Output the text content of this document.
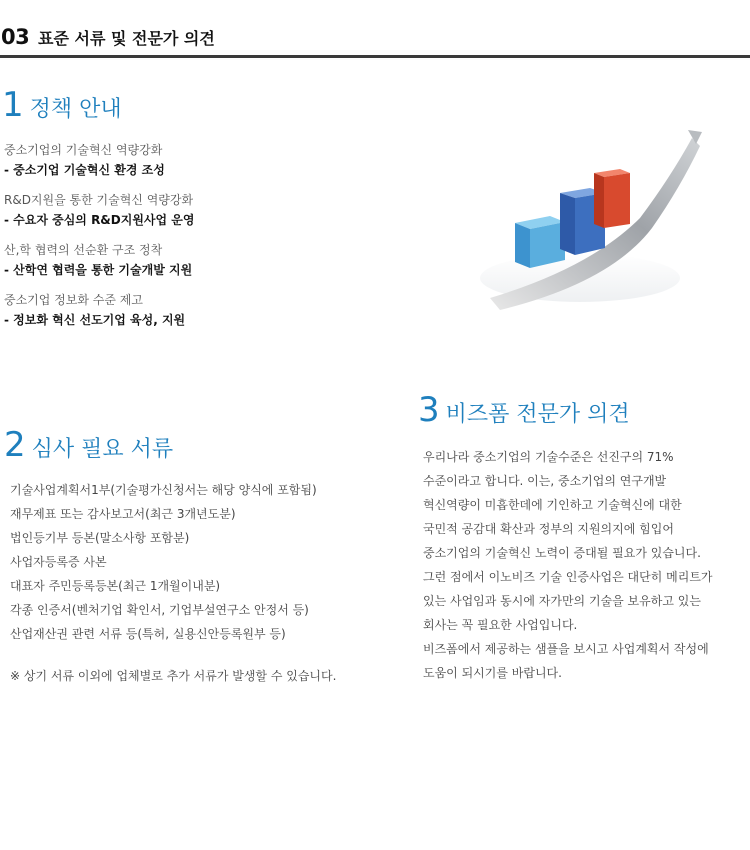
03 표준 서류 및 전문가 의견
1 정책 안내
중소기업의 기술혁신 역량강화
- 중소기업 기술혁신 환경 조성
R&D지원을 통한 기술혁신 역량강화
- 수요자 중심의 R&D지원사업 운영
산,학 협력의 선순환 구조 정착
- 산학연 협력을 통한 기술개발 지원
중소기업 정보화 수준 제고
- 정보화 혁신 선도기업 육성, 지원
2 심사 필요 서류
기술사업계획서1부(기술평가신청서는 해당 양식에 포함됨)
재무제표 또는 감사보고서(최근 3개년도분)
법인등기부 등본(말소사항 포함분)
사업자등록증 사본
대표자 주민등록등본(최근 1개월이내분)
각종 인증서(벤처기업 확인서, 기업부설연구소 안정서 등)
산업재산권 관련 서류 등(특허, 실용신안등록원부 등)
※ 상기 서류 이외에 업체별로 추가 서류가 발생할 수 있습니다.
3 비즈폼 전문가 의견
우리나라 중소기업의 기술수준은 선진구의 71%
수준이라고 합니다. 이는, 중소기업의 연구개발
혁신역량이 미흡한데에 기인하고 기술혁신에 대한
국민적 공감대 확산과 정부의 지원의지에 힘입어
중소기업의 기술혁신 노력이 증대될 필요가 있습니다.
그런 점에서 이노비즈 기술 인증사업은 대단히 메리트가
있는 사업임과 동시에 자가만의 기술을 보유하고 있는
회사는 꼭 필요한 사업입니다.
비즈폼에서 제공하는 샘플을 보시고 사업계획서 작성에
도움이 되시기를 바랍니다.
